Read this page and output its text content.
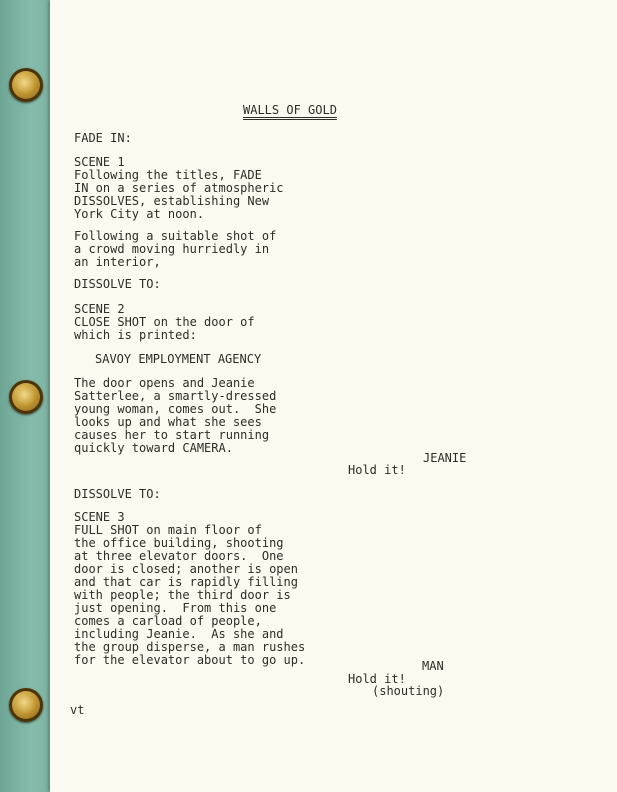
WALLS OF GOLD

FADE IN:

SCENE 1

Following the titles, FADE

IN on a series of atmospheric

DISSOLVES, establishing New

York City at noon.

Following a suitable shot of

a crowd moving hurriedly in

an interior,

DISSOLVE TO:

SCENE 2

CLOSE SHOT on the door of

which is printed:

SAVOY EMPLOYMENT AGENCY

The door opens and Jeanie

Satterlee, a smartly-dressed

young woman, comes out.  She

looks up and what she sees

causes her to start running

quickly toward CAMERA.

JEANIE

Hold it!

DISSOLVE TO:

SCENE 3

FULL SHOT on main floor of

the office building, shooting

at three elevator doors.  One

door is closed; another is open

and that car is rapidly filling

with people; the third door is

just opening.  From this one

comes a carload of people,

including Jeanie.  As she and

the group disperse, a man rushes

for the elevator about to go up.	MAN

Hold it!

(shouting)

vt
